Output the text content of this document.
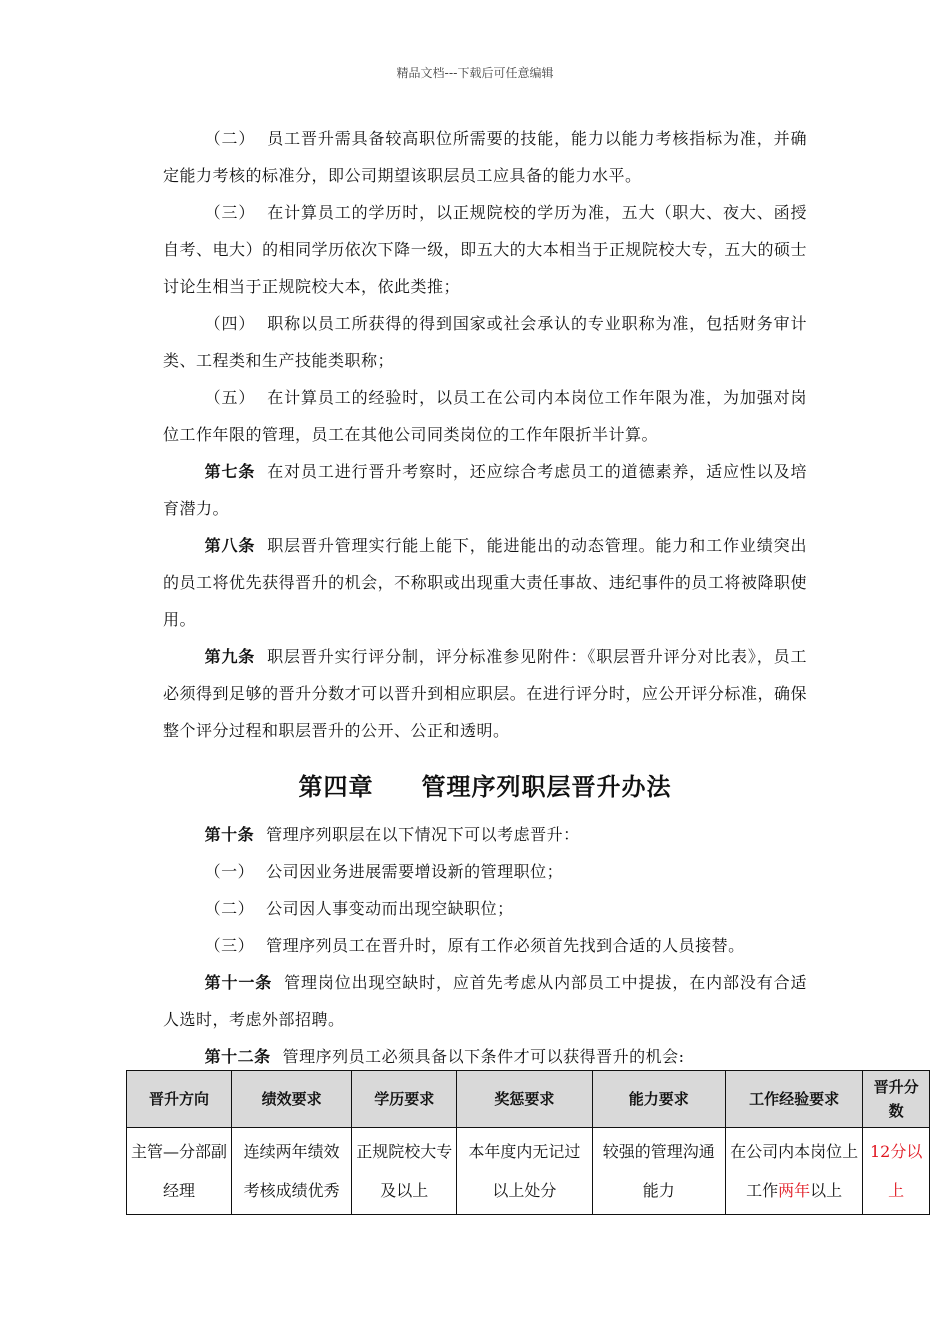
精品文档---下载后可任意编辑

（二） 员工晋升需具备较高职位所需要的技能，能力以能力考核指标为准，并确定能力考核的标准分，即公司期望该职层员工应具备的能力水平。

（三） 在计算员工的学历时，以正规院校的学历为准，五大（职大、夜大、函授自考、电大）的相同学历依次下降一级，即五大的大本相当于正规院校大专，五大的硕士讨论生相当于正规院校大本，依此类推；

（四） 职称以员工所获得的得到国家或社会承认的专业职称为准，包括财务审计类、工程类和生产技能类职称；

（五） 在计算员工的经验时，以员工在公司内本岗位工作年限为准，为加强对岗位工作年限的管理，员工在其他公司同类岗位的工作年限折半计算。

第七条 在对员工进行晋升考察时，还应综合考虑员工的道德素养，适应性以及培育潜力。

第八条 职层晋升管理实行能上能下，能进能出的动态管理。能力和工作业绩突出的员工将优先获得晋升的机会，不称职或出现重大责任事故、违纪事件的员工将被降职使用。

第九条 职层晋升实行评分制，评分标准参见附件：《职层晋升评分对比表》，员工必须得到足够的晋升分数才可以晋升到相应职层。在进行评分时，应公开评分标准，确保整个评分过程和职层晋升的公开、公正和透明。

第四章 管理序列职层晋升办法

第十条 管理序列职层在以下情况下可以考虑晋升：

（一） 公司因业务进展需要增设新的管理职位；

（二） 公司因人事变动而出现空缺职位；

（三） 管理序列员工在晋升时，原有工作必须首先找到合适的人员接替。

第十一条 管理岗位出现空缺时，应首先考虑从内部员工中提拔，在内部没有合适人选时，考虑外部招聘。

第十二条 管理序列员工必须具备以下条件才可以获得晋升的机会:

晋升方向	绩效要求	学历要求	奖惩要求	能力要求	工作经验要求	晋升分数
主管—分部副经理	连续两年绩效考核成绩优秀	正规院校大专及以上	本年度内无记过以上处分	较强的管理沟通能力	在公司内本岗位上工作两年以上	12分以上
